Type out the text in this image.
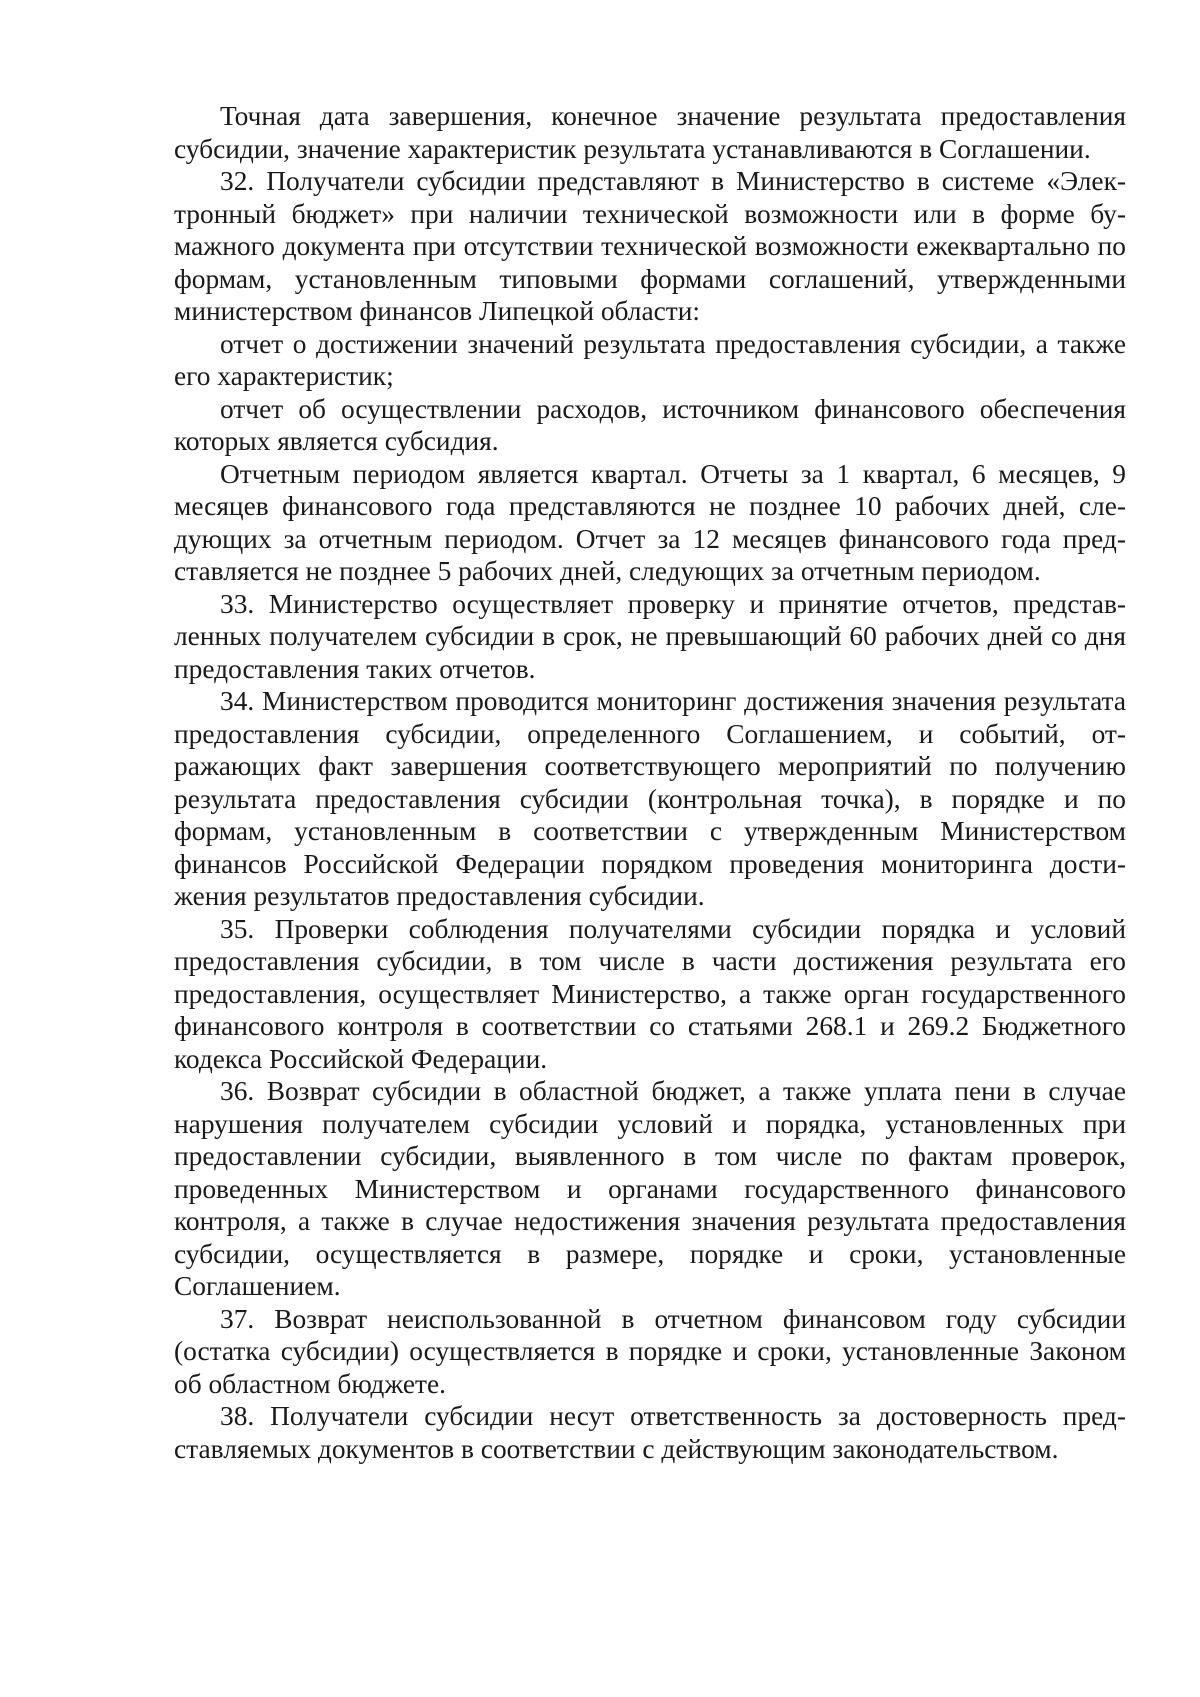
Точная дата завершения, конечное значение результата предоставления субсидии, значение характеристик результата устанавливаются в Соглашении.

32. Получатели субсидии представляют в Министерство в системе «Электронный бюджет» при наличии технической возможности или в форме бумажного документа при отсутствии технической возможности ежеквартально по формам, установленным типовыми формами соглашений, утвержденными министерством финансов Липецкой области:

отчет о достижении значений результата предоставления субсидии, а также его характеристик;

отчет об осуществлении расходов, источником финансового обеспечения которых является субсидия.

Отчетным периодом является квартал. Отчеты за 1 квартал, 6 месяцев, 9 месяцев финансового года представляются не позднее 10 рабочих дней, следующих за отчетным периодом. Отчет за 12 месяцев финансового года представляется не позднее 5 рабочих дней, следующих за отчетным периодом.

33. Министерство осуществляет проверку и принятие отчетов, представленных получателем субсидии в срок, не превышающий 60 рабочих дней со дня предоставления таких отчетов.

34. Министерством проводится мониторинг достижения значения результата предоставления субсидии, определенного Соглашением, и событий, отражающих факт завершения соответствующего мероприятий по получению результата предоставления субсидии (контрольная точка), в порядке и по формам, установленным в соответствии с утвержденным Министерством финансов Российской Федерации порядком проведения мониторинга достижения результатов предоставления субсидии.

35. Проверки соблюдения получателями субсидии порядка и условий предоставления субсидии, в том числе в части достижения результата его предоставления, осуществляет Министерство, а также орган государственного финансового контроля в соответствии со статьями 268.1 и 269.2 Бюджетного кодекса Российской Федерации.

36. Возврат субсидии в областной бюджет, а также уплата пени в случае нарушения получателем субсидии условий и порядка, установленных при предоставлении субсидии, выявленного в том числе по фактам проверок, проведенных Министерством и органами государственного финансового контроля, а также в случае недостижения значения результата предоставления субсидии, осуществляется в размере, порядке и сроки, установленные Соглашением.

37. Возврат неиспользованной в отчетном финансовом году субсидии (остатка субсидии) осуществляется в порядке и сроки, установленные Законом об областном бюджете.

38. Получатели субсидии несут ответственность за достоверность представляемых документов в соответствии с действующим законодательством.
